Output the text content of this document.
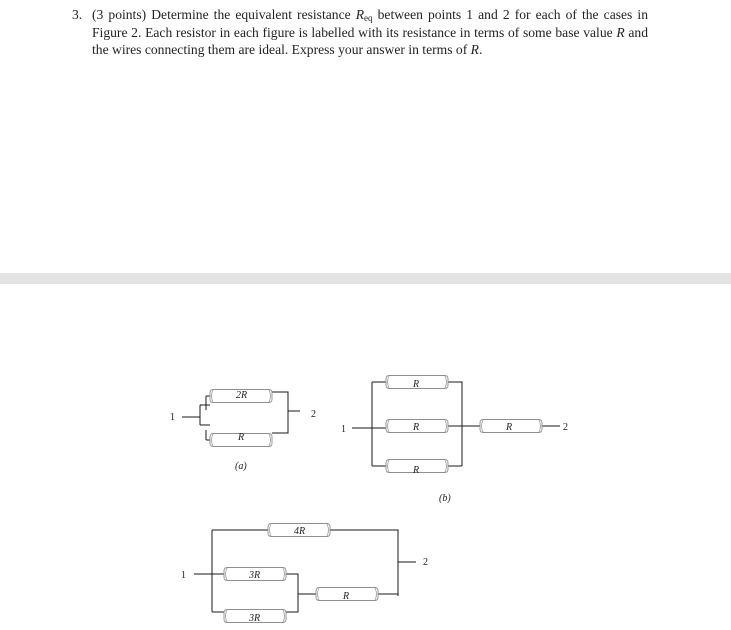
3. (3 points) Determine the equivalent resistance $R_{eq}$ between points 1 and 2 for each of the cases in Figure 2. Each resistor in each figure is labelled with its resistance in terms of some base value R and the wires connecting them are ideal. Express your answer in terms of R.
2R
R
1	2
(a)
R
R
R
R
1	2
(b)
4R
3R
3R
R
1
2
